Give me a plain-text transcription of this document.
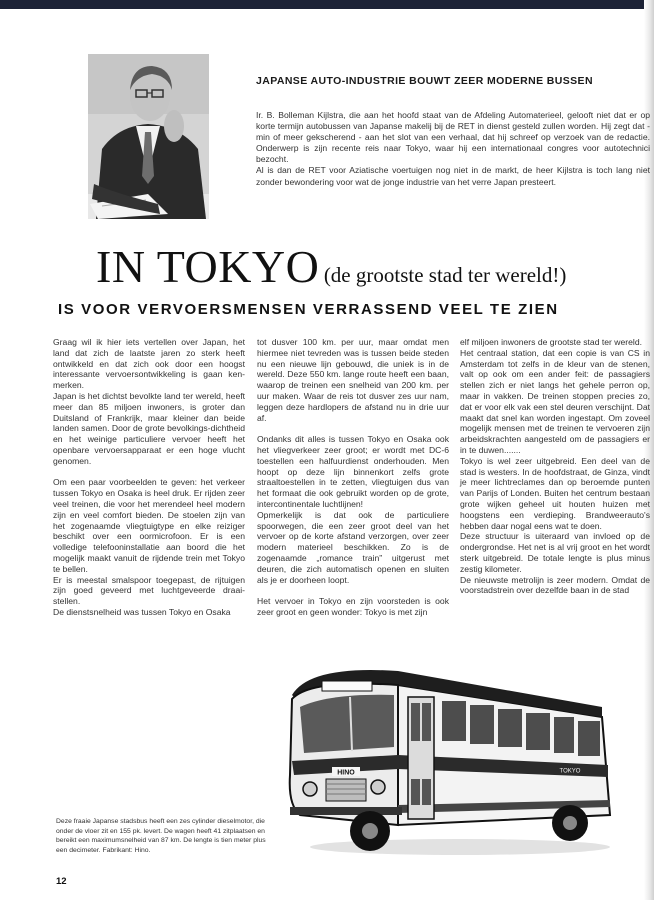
JAPANSE AUTO-INDUSTRIE BOUWT ZEER MODERNE BUSSEN

Ir. B. Bolleman Kijlstra, die aan het hoofd staat van de Afdeling Automaterieel, gelooft niet dat er op korte termijn autobussen van Japanse makelij bij de RET in dienst gesteld zullen worden. Hij zegt dat - min of meer gekscherend - aan het slot van een verhaal, dat hij schreef op verzoek van de redactie. Onderwerp is zijn recente reis naar Tokyo, waar hij een internationaal congres voor autotechnici bezocht.

Al is dan de RET voor Aziatische voertuigen nog niet in de markt, de heer Kijlstra is toch lang niet zonder bewondering voor wat de jonge industrie van het verre Japan presteert.

IN TOKYO (de grootste stad ter wereld!)
IS VOOR VERVOERSMENSEN VERRASSEND VEEL TE ZIEN

Graag wil ik hier iets vertellen over Japan, het land dat zich de laatste jaren zo sterk heeft ontwikkeld en dat zich ook door een hoogst interessante vervoersontwikkeling is gaan ken-merken.

Japan is het dichtst bevolkte land ter wereld, heeft meer dan 85 miljoen inwoners, is groter dan Duitsland of Frankrijk, maar kleiner dan beide landen samen. Door de grote bevolkings-dichtheid en het weinige particuliere vervoer heeft het openbare vervoersapparaat er een hoge vlucht genomen.

Om een paar voorbeelden te geven: het verkeer tussen Tokyo en Osaka is heel druk. Er rijden zeer veel treinen, die voor het merendeel heel modern zijn en veel comfort bieden. De stoelen zijn van het zogenaamde vliegtuigtype en elke reiziger beschikt over een oormicrofoon. Er is een volledige telefooninstallatie aan boord die het mogelijk maakt vanuit de rijdende trein met Tokyo te bellen.

Er is meestal smalspoor toegepast, de rijtuigen zijn goed geveerd met luchtgeveerde draai-stellen.

De dienstsnelheid was tussen Tokyo en Osaka

tot dusver 100 km. per uur, maar omdat men hiermee niet tevreden was is tussen beide steden nu een nieuwe lijn gebouwd, die uniek is in de wereld. Deze 550 km. lange route heeft een baan, waarop de treinen een snelheid van 200 km. per uur maken. Waar de reis tot dusver zes uur nam, leggen deze hardlopers de afstand nu in drie uur af.

Ondanks dit alles is tussen Tokyo en Osaka ook het vliegverkeer zeer groot; er wordt met DC-6 toestellen een halfuurdienst onderhouden. Men hoopt op deze lijn binnenkort zelfs grote straaltoestellen in te zetten, vliegtuigen dus van het formaat die ook gebruikt worden op de grote, intercontinentale luchtlijnen!

Opmerkelijk is dat ook de particuliere spoorwegen, die een zeer groot deel van het vervoer op de korte afstand verzorgen, over zeer modern materieel beschikken. Zo is de zogenaamde „romance train” uitgerust met deuren, die zich automatisch openen en sluiten als je er doorheen loopt.

Het vervoer in Tokyo en zijn voorsteden is ook zeer groot en geen wonder: Tokyo is met zijn

elf miljoen inwoners de grootste stad ter wereld.

Het centraal station, dat een copie is van CS in Amsterdam tot zelfs in de kleur van de stenen, valt op ook om een ander feit: de passagiers stellen zich er niet langs het gehele perron op, maar in vakken. De treinen stoppen precies zo, dat er voor elk vak een stel deuren verschijnt. Dat maakt dat snel kan worden ingestapt. Om zoveel mogelijk mensen met de treinen te vervoeren zijn arbeidskrachten aangesteld om de passagiers er in te duwen.......

Tokyo is wel zeer uitgebreid. Een deel van de stad is westers. In de hoofdstraat, de Ginza, vindt je meer lichtreclames dan op beroemde punten van Parijs of Londen. Buiten het centrum bestaan grote wijken geheel uit houten huizen met hoogstens een verdieping. Brandweerauto's hebben daar nogal eens wat te doen.

Deze structuur is uiteraard van invloed op de ondergrondse. Het net is al vrij groot en het wordt sterk uitgebreid. De totale lengte is plus minus zestig kilometer.

De nieuwste metrolijn is zeer modern. Omdat de voorstadstrein over dezelfde baan in de stad

HINO	TOKYO
Deze fraaie Japanse stadsbus heeft een zes cylinder dieselmotor, die onder de vloer zit en 155 pk. levert. De wagen heeft 41 zitplaatsen en bereikt een maximumsnelheid van 87 km. De lengte is tien meter plus een decimeter. Fabrikant: Hino.
12
